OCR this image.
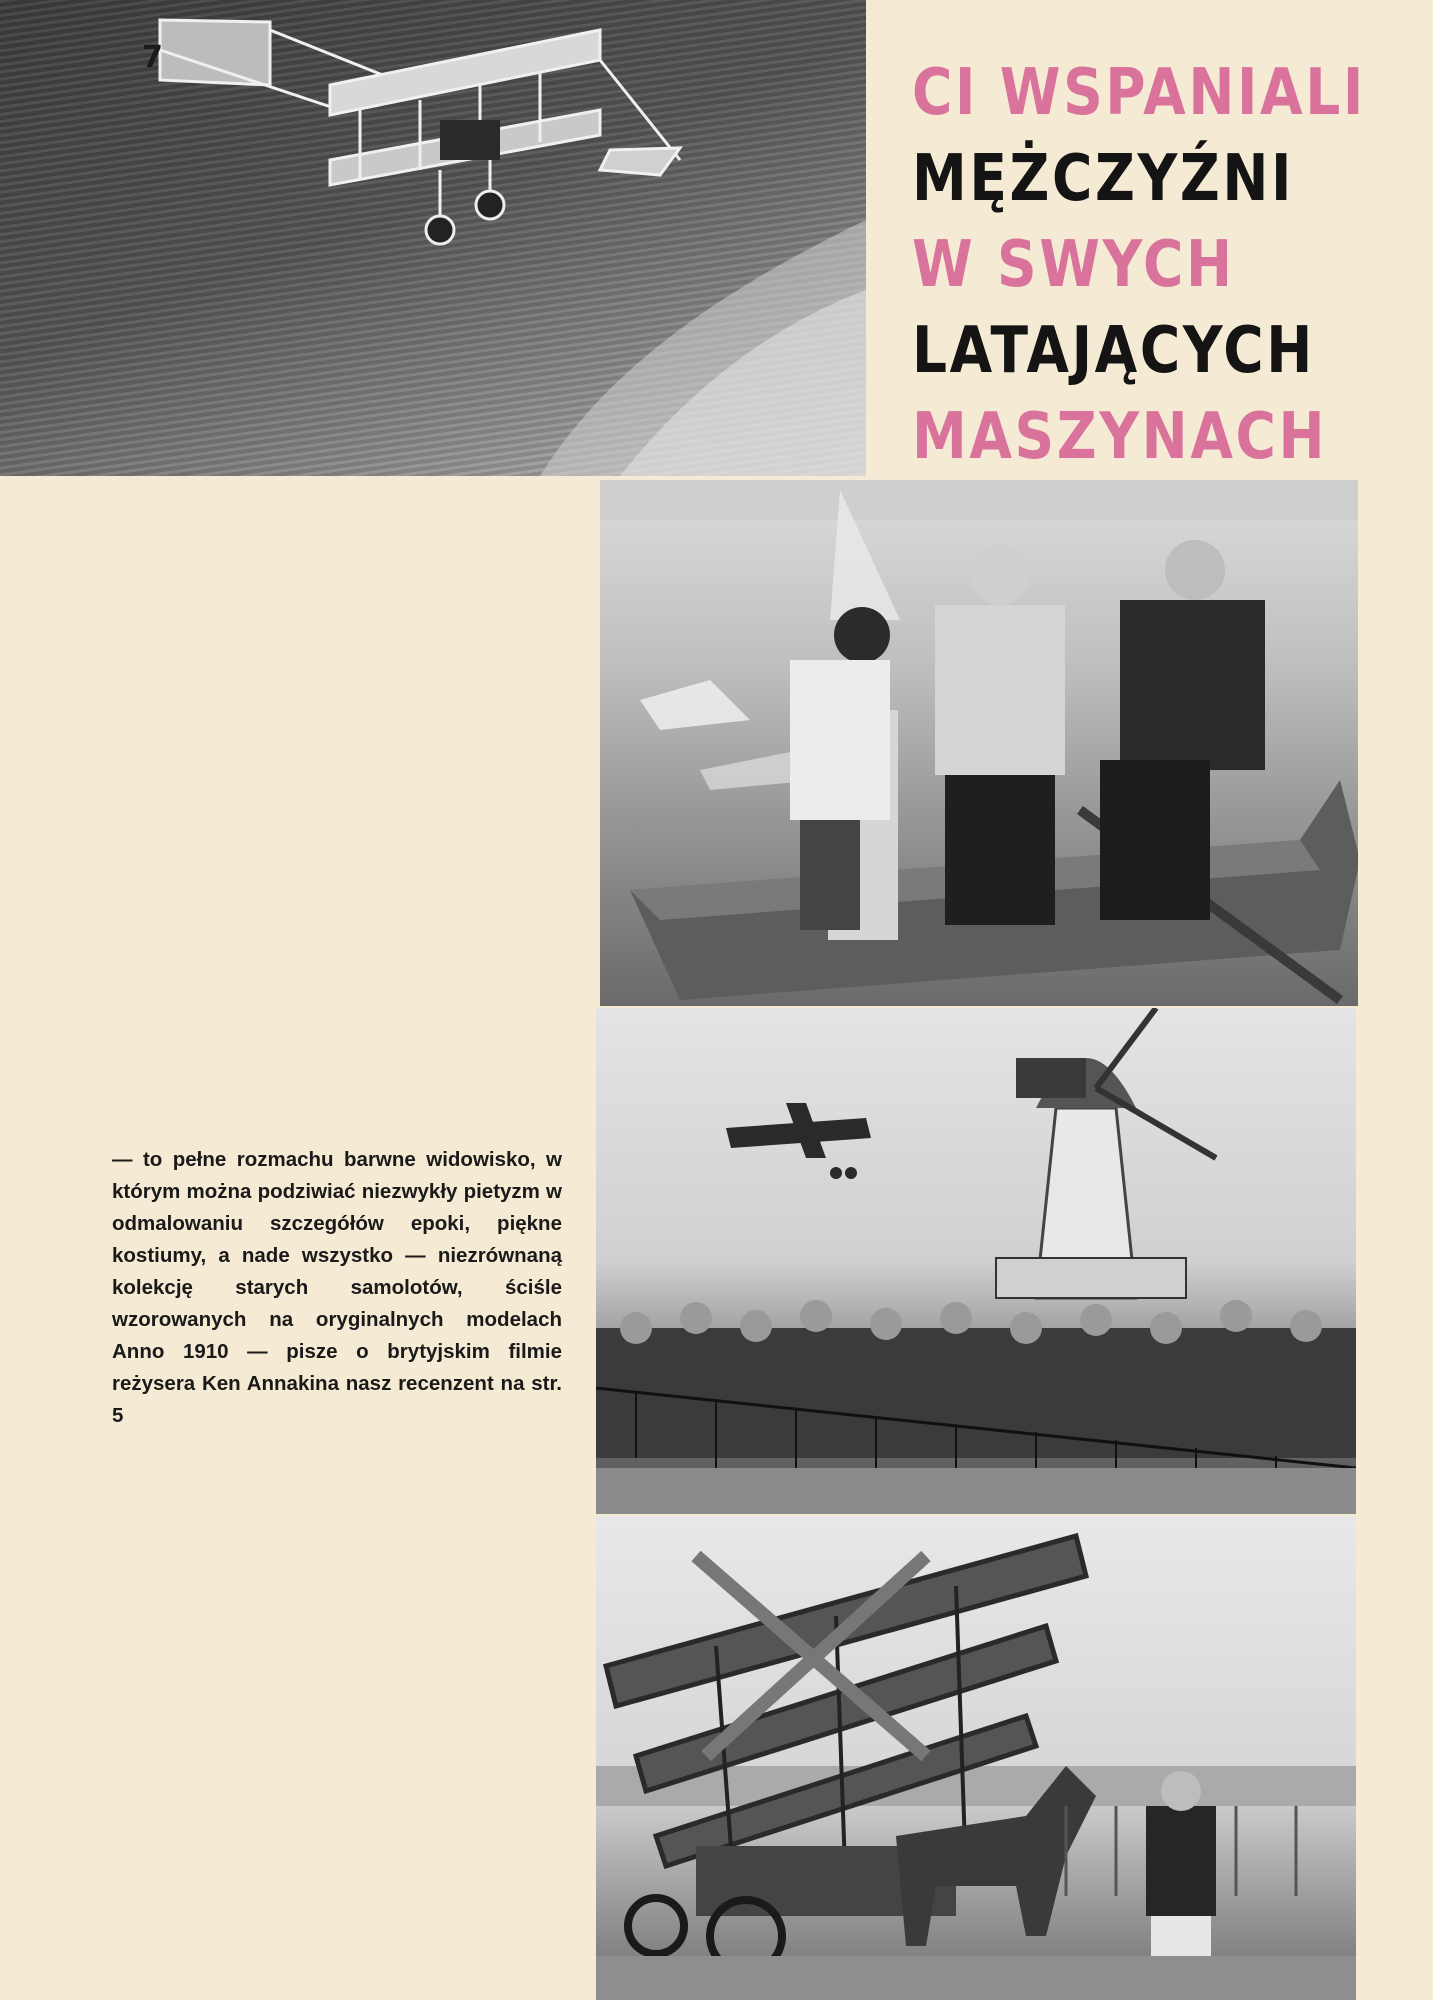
7	CI WSPANIALI
MĘŻCZYŹNI
W SWYCH
LATAJĄCYCH
MASZYNACH

— to pełne rozmachu barwne widowisko, w którym można podziwiać niezwykły pietyzm w odmalowaniu szczegółów epoki, piękne kostiumy, a nade wszystko — niezrównaną kolekcję starych samolotów, ściśle wzorowanych na oryginalnych modelach Anno 1910 — pisze o brytyjskim filmie reżysera Ken Annakina nasz recenzent na str. 5
